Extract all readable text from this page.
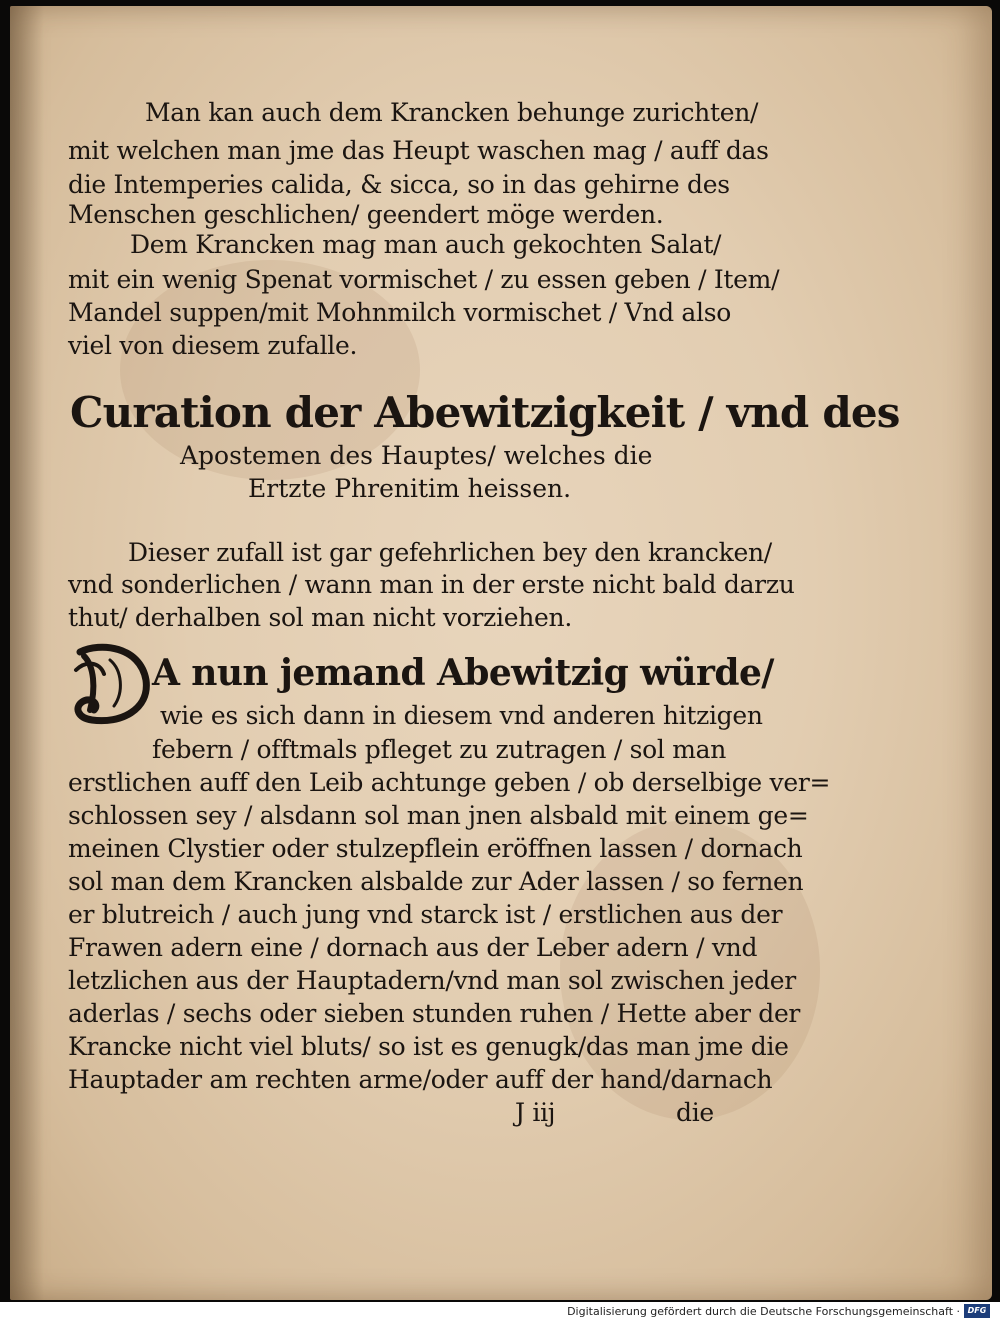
Man kan auch dem Krancken behunge zurichten/
mit welchen man jme das Heupt waschen mag / auff das
die Intemperies calida, & sicca, so in das gehirne des
Menschen geschlichen/ geendert möge werden.
Dem Krancken mag man auch gekochten Salat/
mit ein wenig Spenat vormischet / zu essen geben / Item/
Mandel suppen/mit Mohnmilch vormischet / Vnd also
viel von diesem zufalle.
Curation der Abewitzigkeit / vnd des
Apostemen des Hauptes/ welches die
Ertzte Phrenitim heissen.
Dieser zufall ist gar gefehrlichen bey den krancken/
vnd sonderlichen / wann man in der erste nicht bald darzu
thut/ derhalben sol man nicht vorziehen.
A nun jemand Abewitzig würde/
wie es sich dann in diesem vnd anderen hitzigen
febern / offtmals pfleget zu zutragen / sol man
erstlichen auff den Leib achtunge geben / ob derselbige ver=
schlossen sey / alsdann sol man jnen alsbald mit einem ge=
meinen Clystier oder stulzepflein eröffnen lassen / dornach
sol man dem Krancken alsbalde zur Ader lassen / so fernen
er blutreich / auch jung vnd starck ist / erstlichen aus der
Frawen adern eine / dornach aus der Leber adern / vnd
letzlichen aus der Hauptadern/vnd man sol zwischen jeder
aderlas / sechs oder sieben stunden ruhen / Hette aber der
Krancke nicht viel bluts/ so ist es genugk/das man jme die
Hauptader am rechten arme/oder auff der hand/darnach
J iij	die
Digitalisierung gefördert durch die Deutsche Forschungsgemeinschaft · DFG
